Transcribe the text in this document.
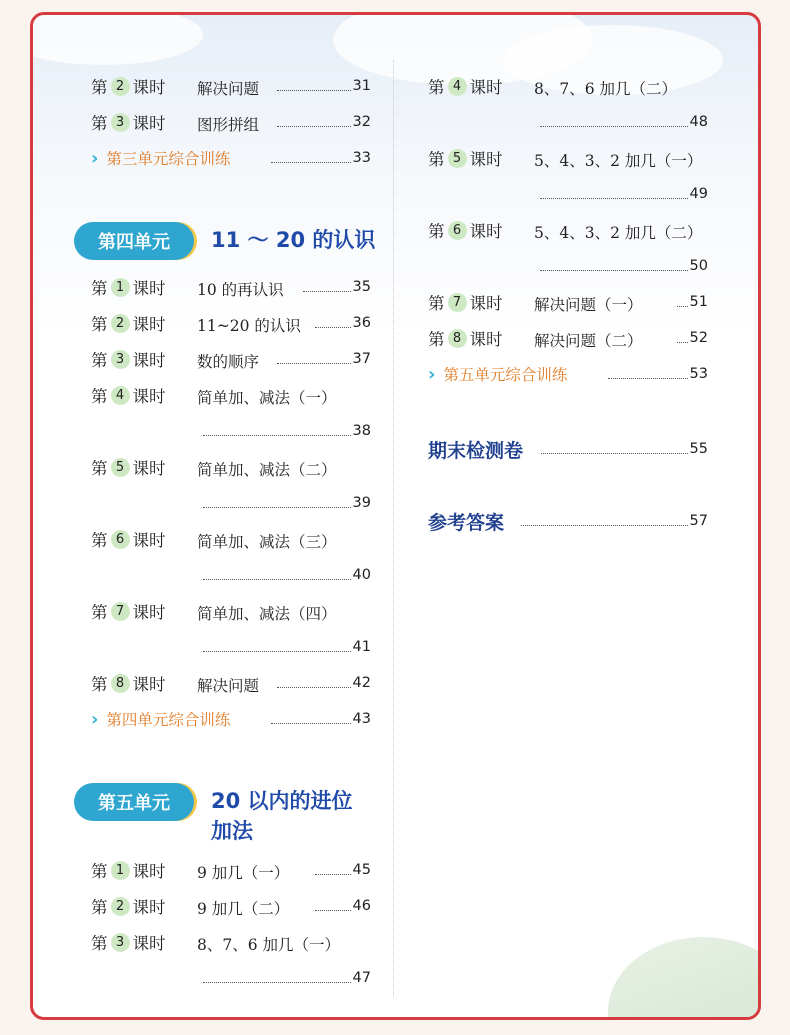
第 2 课时 解决问题	31
第 3 课时 图形拼组	32
› 第三单元综合训练	33
第四单元	11 ～ 20 的认识
第 1 课时 10 的再认识	35
第 2 课时 11~20 的认识	36
第 3 课时 数的顺序	37
第 4 课时 简单加、减法（一）
38
第 5 课时 简单加、减法（二）
39
第 6 课时 简单加、减法（三）
40
第 7 课时 简单加、减法（四）
41
第 8 课时 解决问题	42
› 第四单元综合训练	43
第五单元	20 以内的进位
加法
第 1 课时 9 加几（一）	45
第 2 课时 9 加几（二）	46
第 3 课时 8、7、6 加几（一）
47
第 4 课时 8、7、6 加几（二）
48
第 5 课时 5、4、3、2 加几（一）
49
第 6 课时 5、4、3、2 加几（二）
50
第 7 课时 解决问题（一）	51
第 8 课时 解决问题（二）	52
› 第五单元综合训练	53
期末检测卷	55
参考答案	57
